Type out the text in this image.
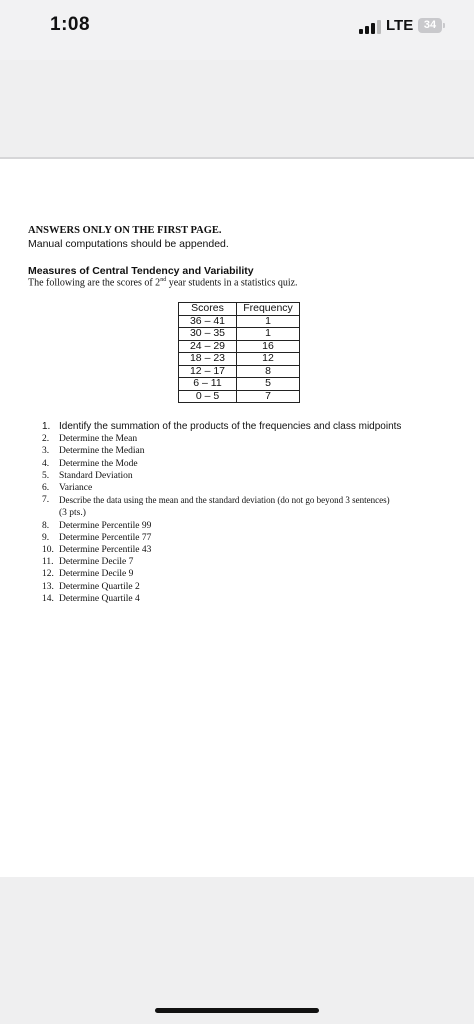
1:08	LTE 34
ANSWERS ONLY ON THE FIRST PAGE.
Manual computations should be appended.
Measures of Central Tendency and Variability
The following are the scores of 2nd year students in a statistics quiz.
Scores	Frequency
36 – 41	1
30 – 35	1
24 – 29	16
18 – 23	12
12 – 17	8
6 – 11	5
0 – 5	7
1. Identify the summation of the products of the frequencies and class midpoints
2.	Determine the Mean
3.	Determine the Median
4.	Determine the Mode
5.	Standard Deviation
6.	Variance
7.	Describe the data using the mean and the standard deviation (do not go beyond 3 sentences)
(3 pts.)
8.	Determine Percentile 99
9.	Determine Percentile 77
10. Determine Percentile 43
11. Determine Decile 7
12. Determine Decile 9
13. Determine Quartile 2
14. Determine Quartile 4
